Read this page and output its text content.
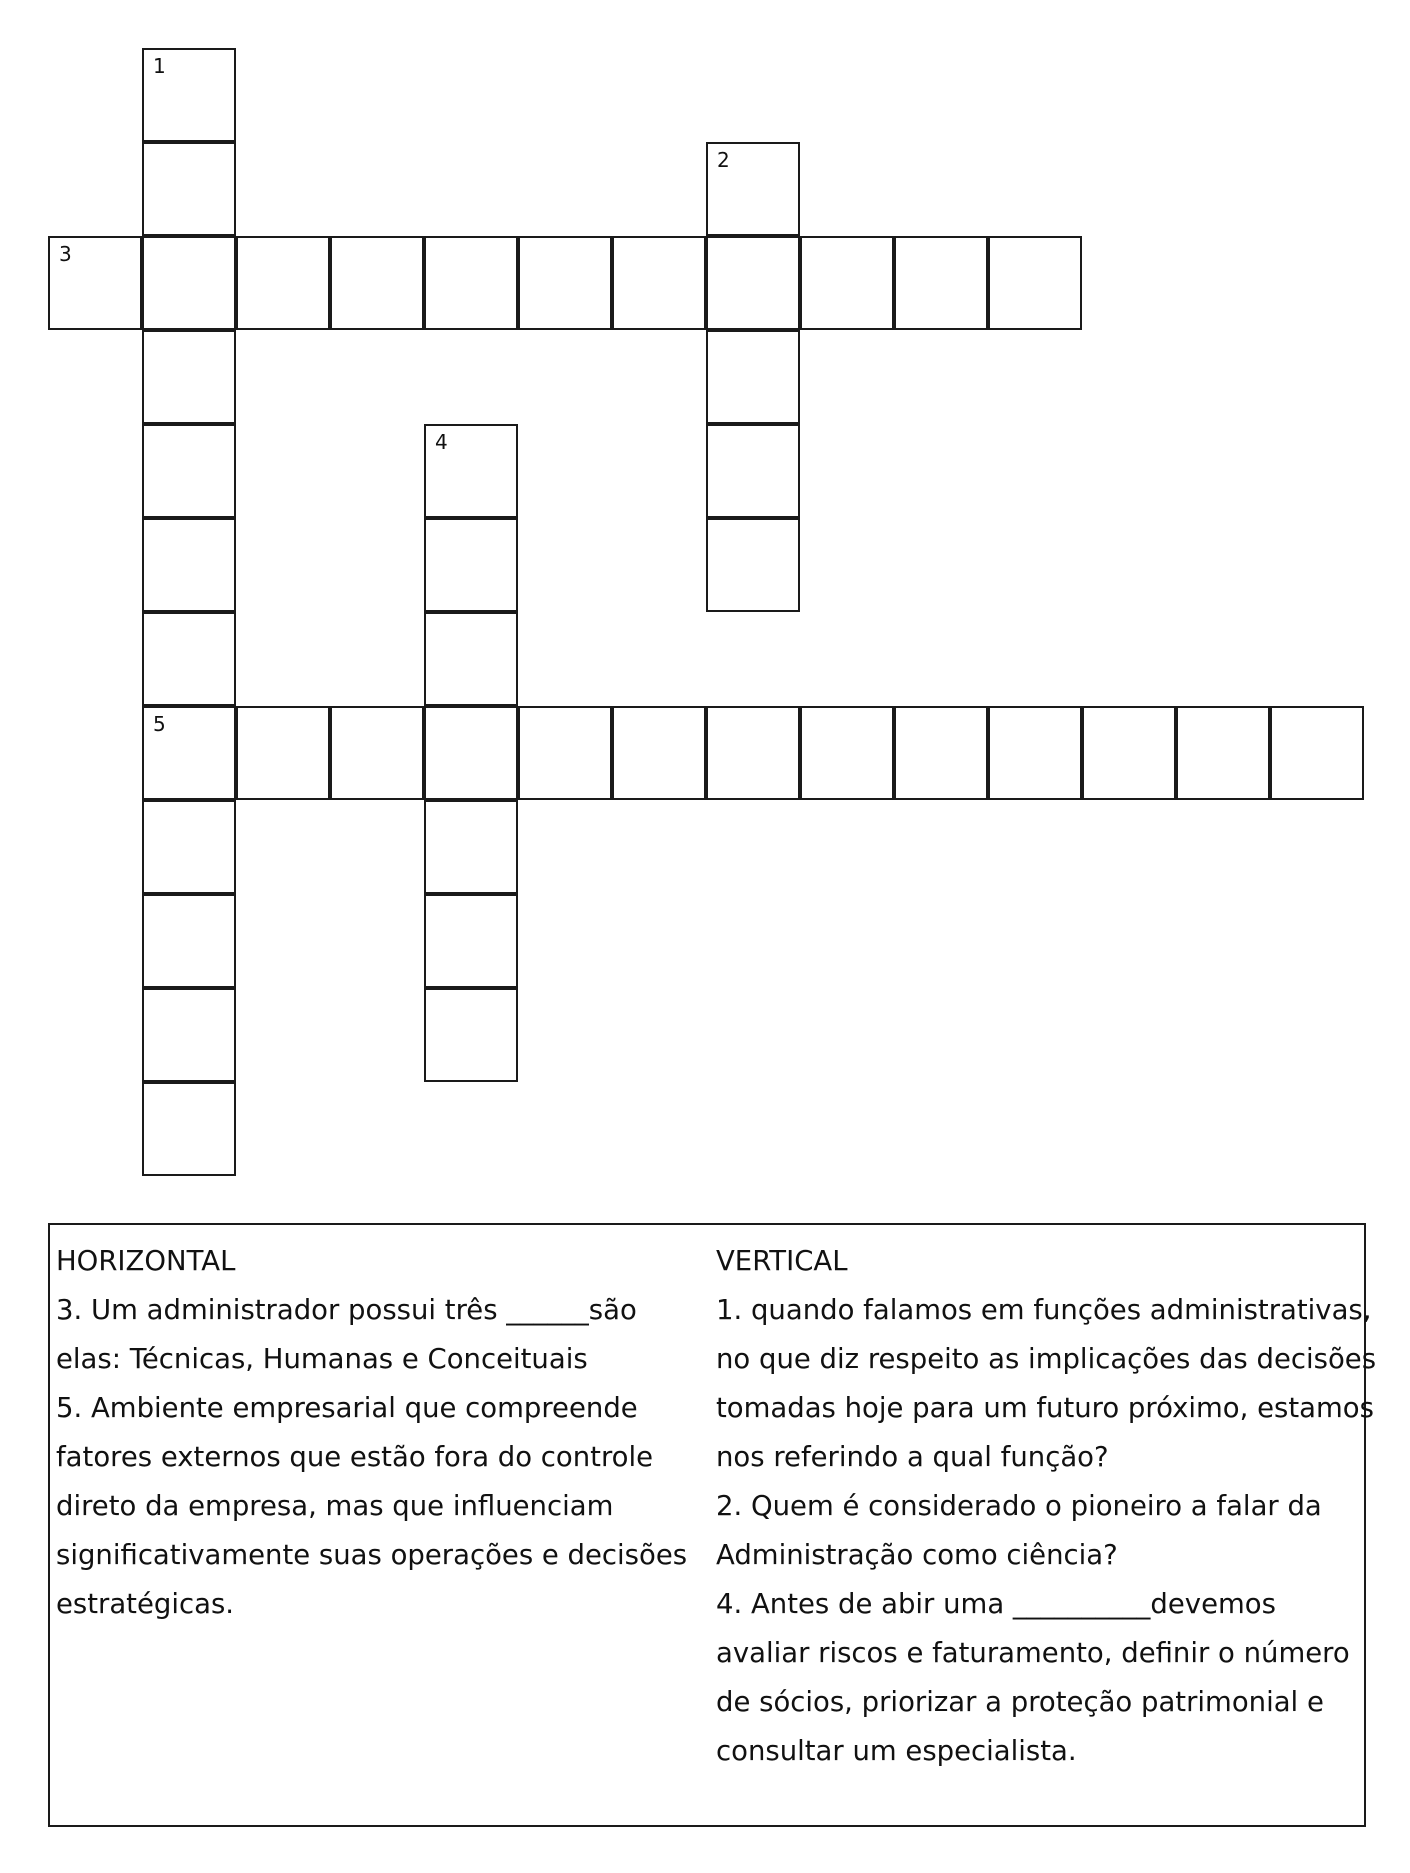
1
5
2
3
4
HORIZONTAL
3. Um administrador possui três ______são
elas: Técnicas, Humanas e Conceituais
5. Ambiente empresarial que compreende
fatores externos que estão fora do controle
direto da empresa, mas que influenciam
significativamente suas operações e decisões
estratégicas.
VERTICAL
1. quando falamos em funções administrativas,
no que diz respeito as implicações das decisões
tomadas hoje para um futuro próximo, estamos
nos referindo a qual função?
2. Quem é considerado o pioneiro a falar da
Administração como ciência?
4. Antes de abir uma __________devemos
avaliar riscos e faturamento, definir o número
de sócios, priorizar a proteção patrimonial e
consultar um especialista.
